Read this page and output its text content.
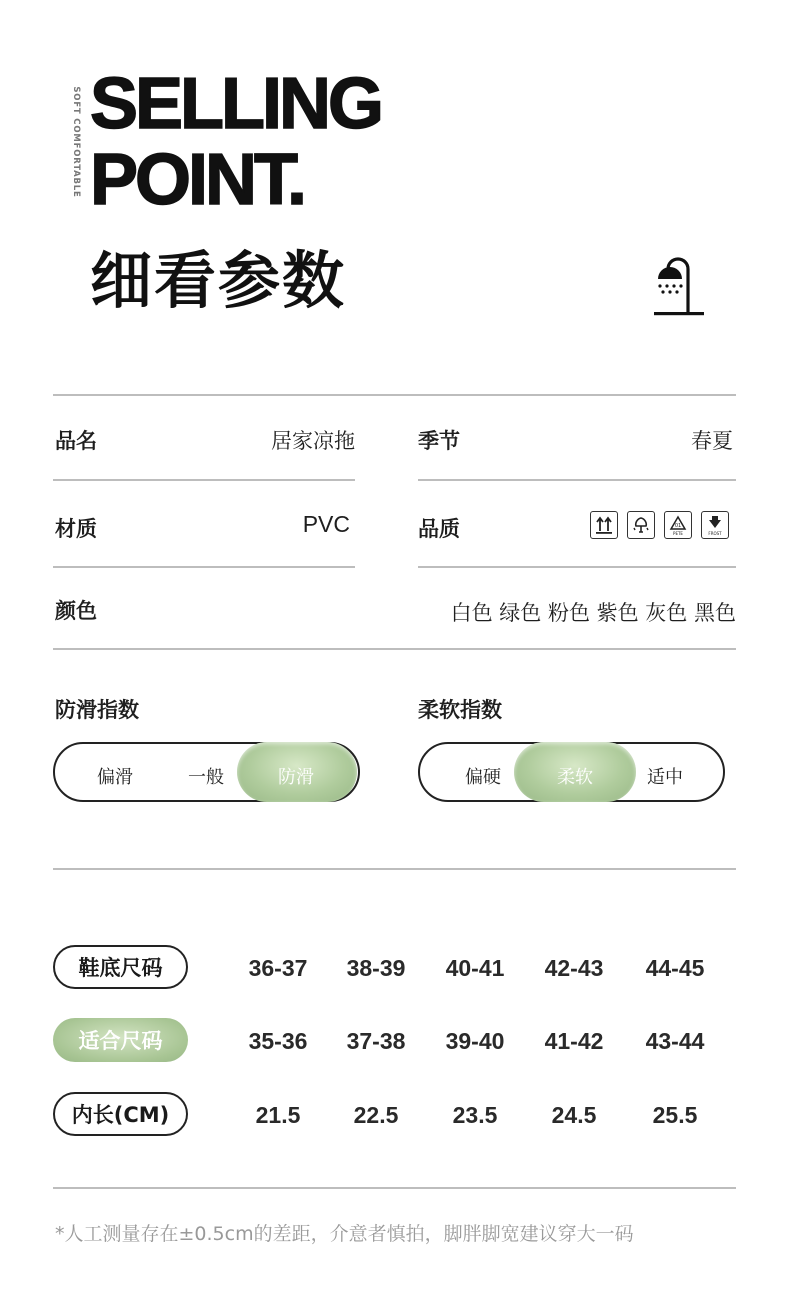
SOFT COMFORTABLE SELLING
POINT.
细看参数
品名	居家凉拖	季节	春夏
材质	PVC	品质	01
PETE	FROST
颜色	白色 绿色 粉色 紫色 灰色 黑色
防滑指数	柔软指数
偏滑	一般	防滑	偏硬	柔软	适中
鞋底尺码	36-37	38-39	40-41	42-43	44-45
适合尺码	35-36	37-38	39-40	41-42	43-44
内长(CM)	21.5	22.5	23.5	24.5	25.5
*人工测量存在±0.5cm的差距，介意者慎拍，脚胖脚宽建议穿大一码
